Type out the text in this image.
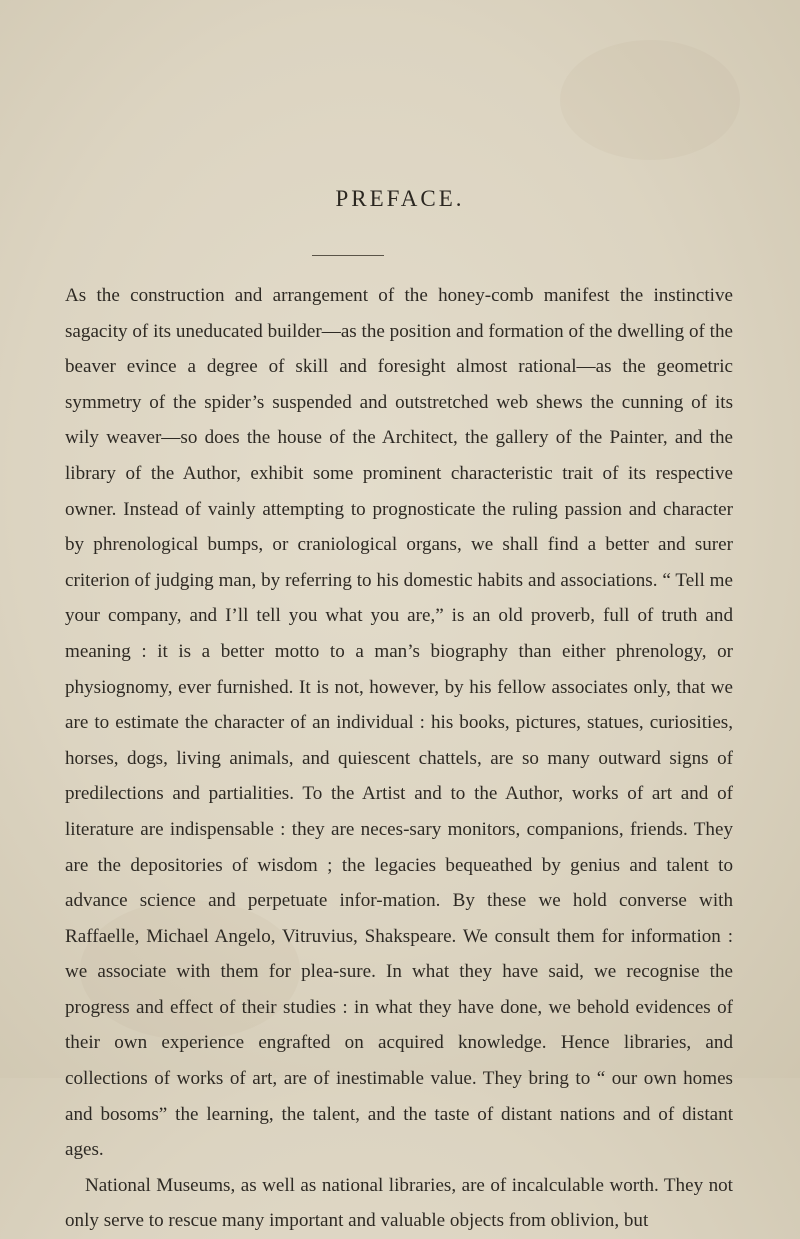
PREFACE.

As the construction and arrangement of the honey-comb manifest the instinctive sagacity of its uneducated builder—as the position and formation of the dwelling of the beaver evince a degree of skill and foresight almost rational—as the geometric symmetry of the spider’s suspended and outstretched web shews the cunning of its wily weaver—so does the house of the Architect, the gallery of the Painter, and the library of the Author, exhibit some prominent characteristic trait of its respective owner. Instead of vainly attempting to prognosticate the ruling passion and character by phrenological bumps, or craniological organs, we shall find a better and surer criterion of judging man, by referring to his domestic habits and associations. “ Tell me your company, and I’ll tell you what you are,” is an old proverb, full of truth and meaning : it is a better motto to a man’s biography than either phrenology, or physiognomy, ever furnished. It is not, however, by his fellow associates only, that we are to estimate the character of an individual : his books, pictures, statues, curiosities, horses, dogs, living animals, and quiescent chattels, are so many outward signs of predilections and partialities. To the Artist and to the Author, works of art and of literature are indispensable : they are neces-sary monitors, companions, friends. They are the depositories of wisdom ; the legacies bequeathed by genius and talent to advance science and perpetuate infor-mation. By these we hold converse with Raffaelle, Michael Angelo, Vitruvius, Shakspeare. We consult them for information : we associate with them for plea-sure. In what they have said, we recognise the progress and effect of their studies : in what they have done, we behold evidences of their own experience engrafted on acquired knowledge. Hence libraries, and collections of works of art, are of inestimable value. They bring to “ our own homes and bosoms” the learning, the talent, and the taste of distant nations and of distant ages.

National Museums, as well as national libraries, are of incalculable worth. They not only serve to rescue many important and valuable objects from oblivion, but
